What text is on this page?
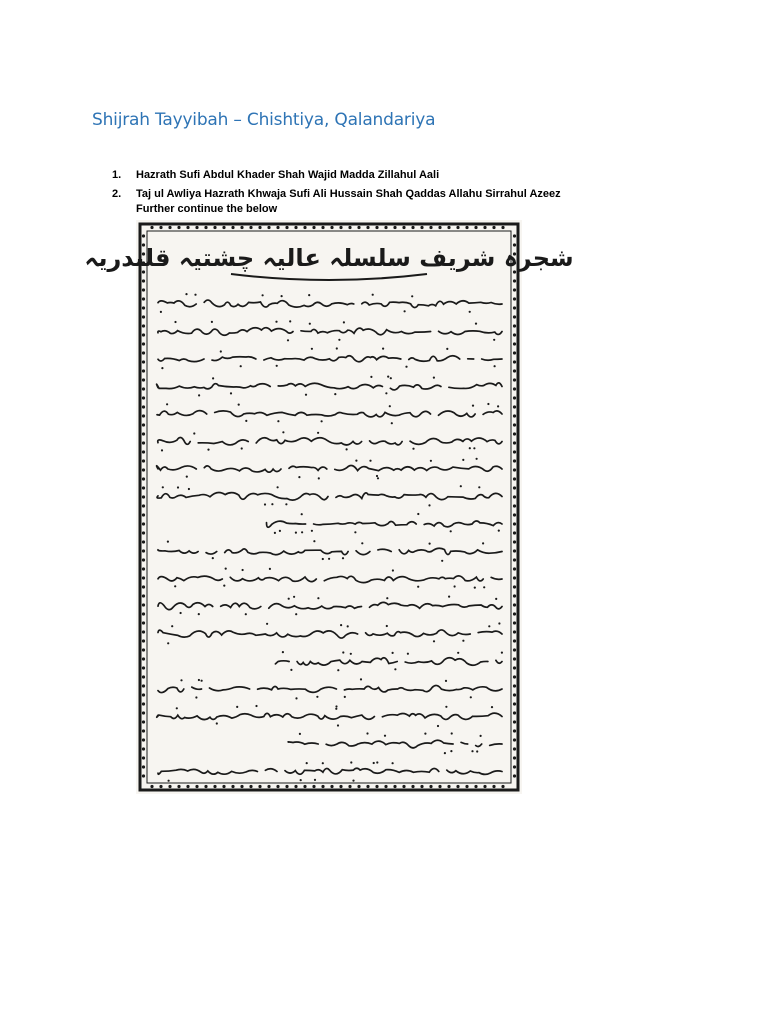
Shijrah Tayyibah – Chishtiya, Qalandariya
1.	Hazrath Sufi Abdul Khader Shah Wajid Madda Zillahul Aali
2.	Taj ul Awliya Hazrath Khwaja Sufi Ali Hussain Shah Qaddas Allahu Sirrahul Azeez
Further continue the below
شجرہ شریف سلسلہ عالیہ چشتیہ قلندریہ
